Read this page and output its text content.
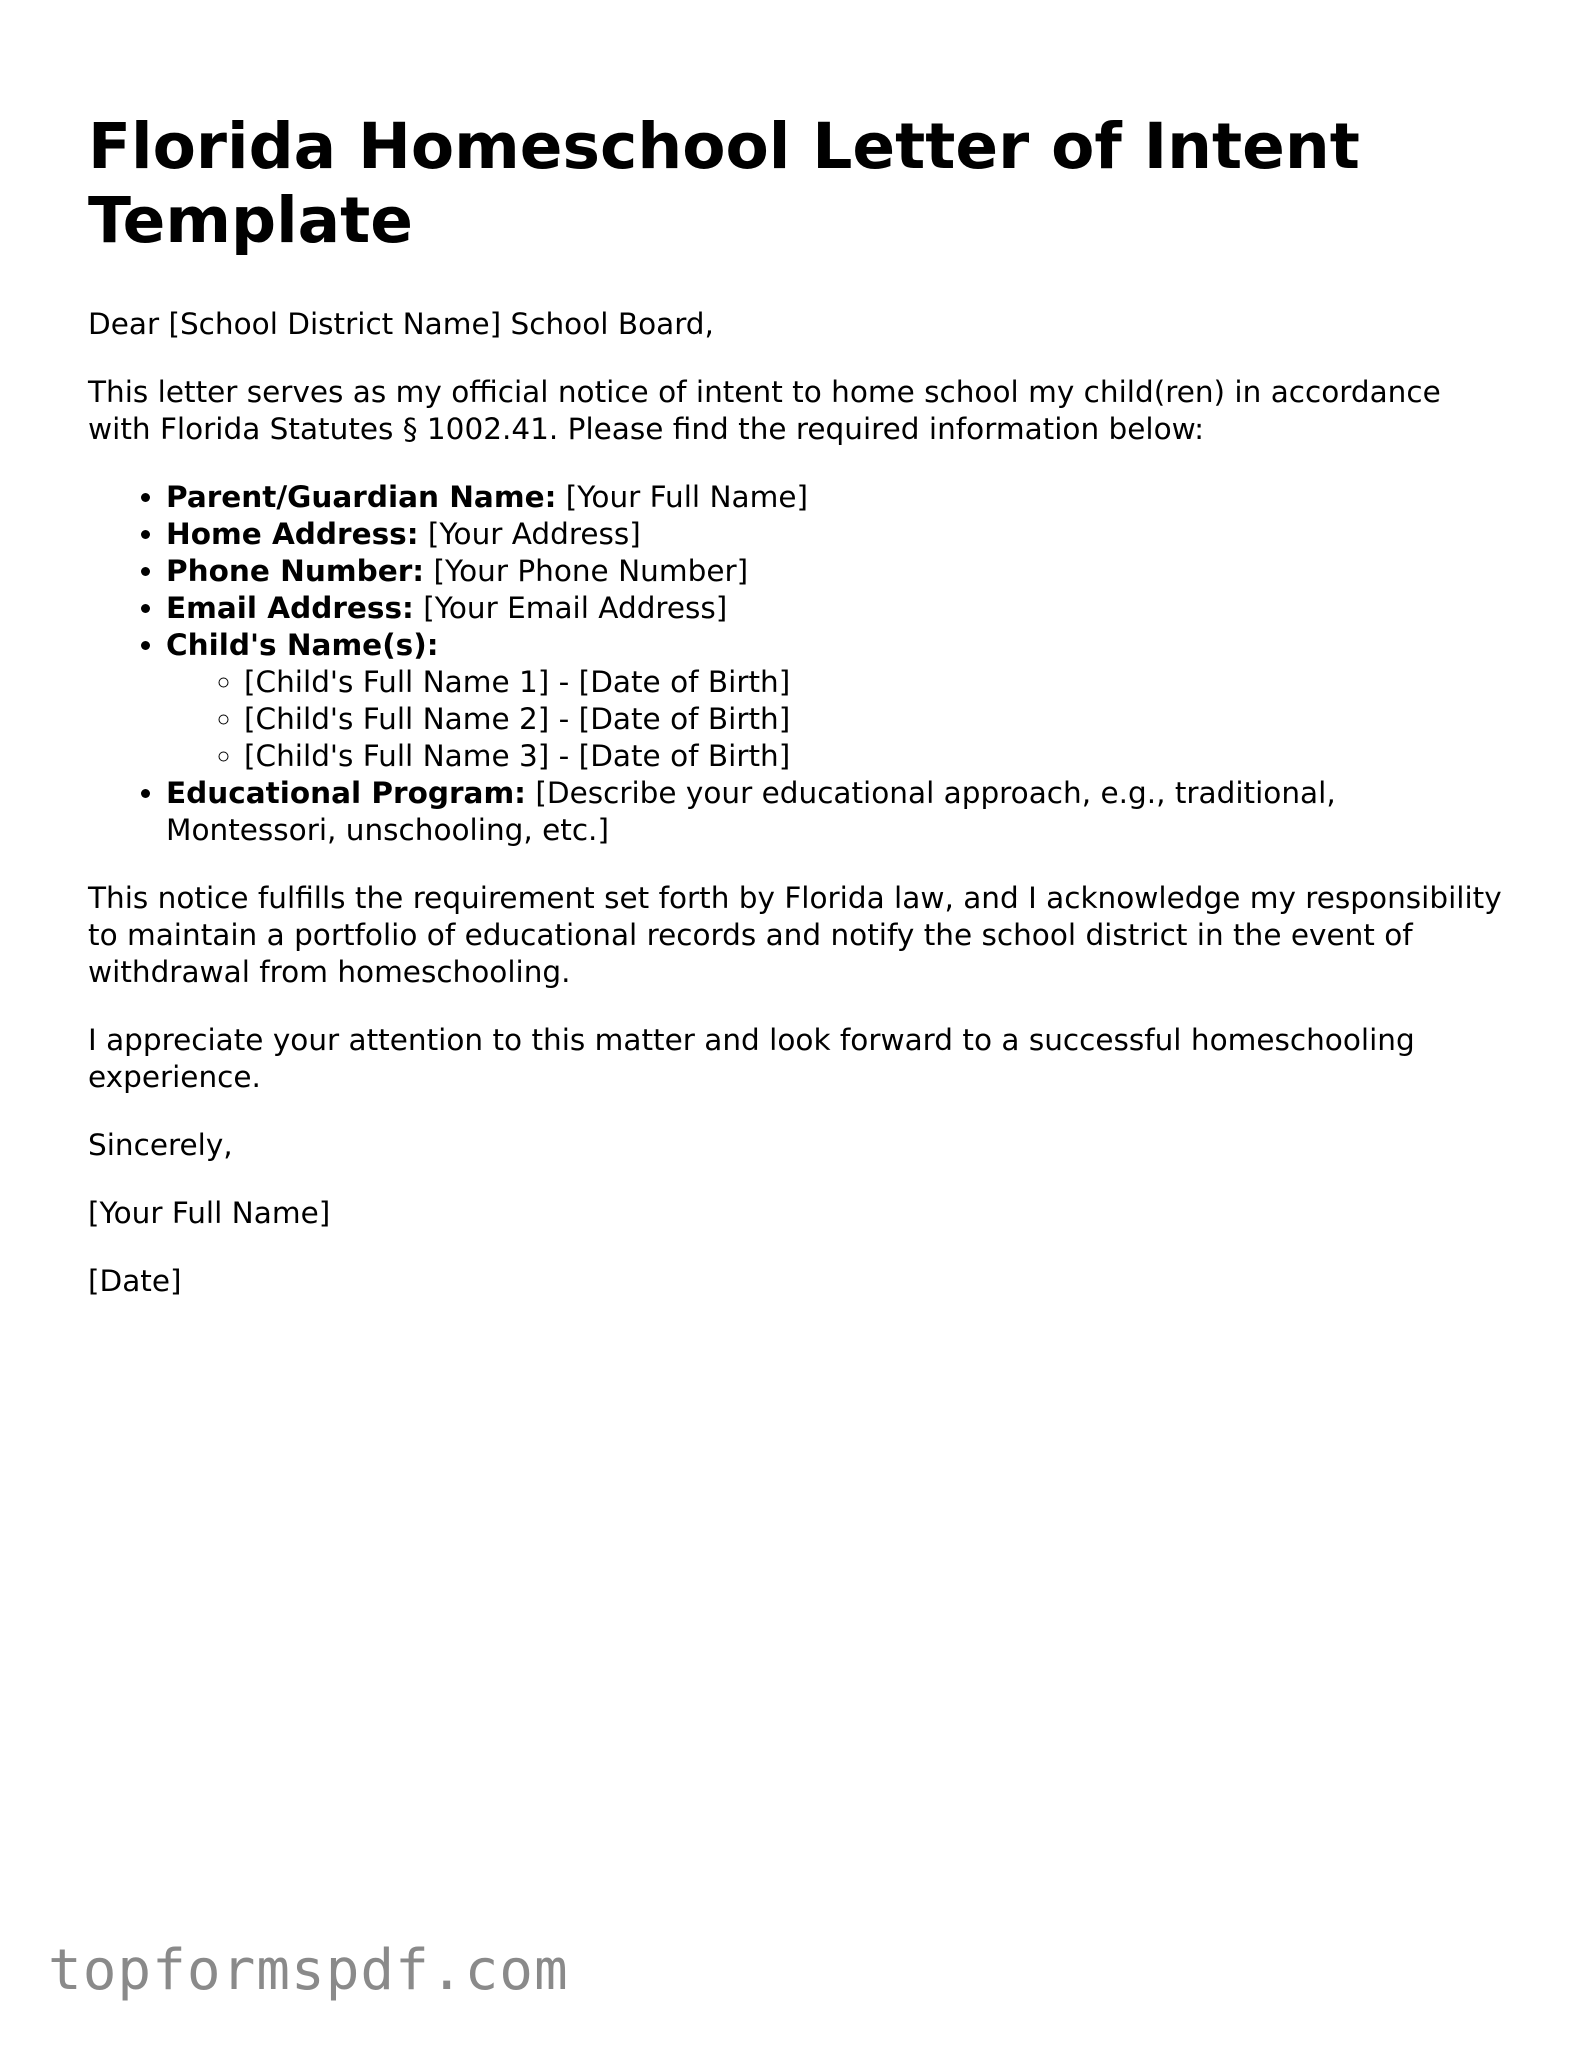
Florida Homeschool Letter of Intent Template

Dear [School District Name] School Board,

This letter serves as my official notice of intent to home school my child(ren) in accordance with Florida Statutes § 1002.41. Please find the required information below:

• Parent/Guardian Name: [Your Full Name]
• Home Address: [Your Address]
• Phone Number: [Your Phone Number]
• Email Address: [Your Email Address]
• Child's Name(s):
◦ [Child's Full Name 1] - [Date of Birth]
◦ [Child's Full Name 2] - [Date of Birth]
◦ [Child's Full Name 3] - [Date of Birth]
• Educational Program: [Describe your educational approach, e.g., traditional, Montessori, unschooling, etc.]

This notice fulfills the requirement set forth by Florida law, and I acknowledge my responsibility to maintain a portfolio of educational records and notify the school district in the event of withdrawal from homeschooling.

I appreciate your attention to this matter and look forward to a successful homeschooling experience.

Sincerely,

[Your Full Name]

[Date]

topformspdf.com
